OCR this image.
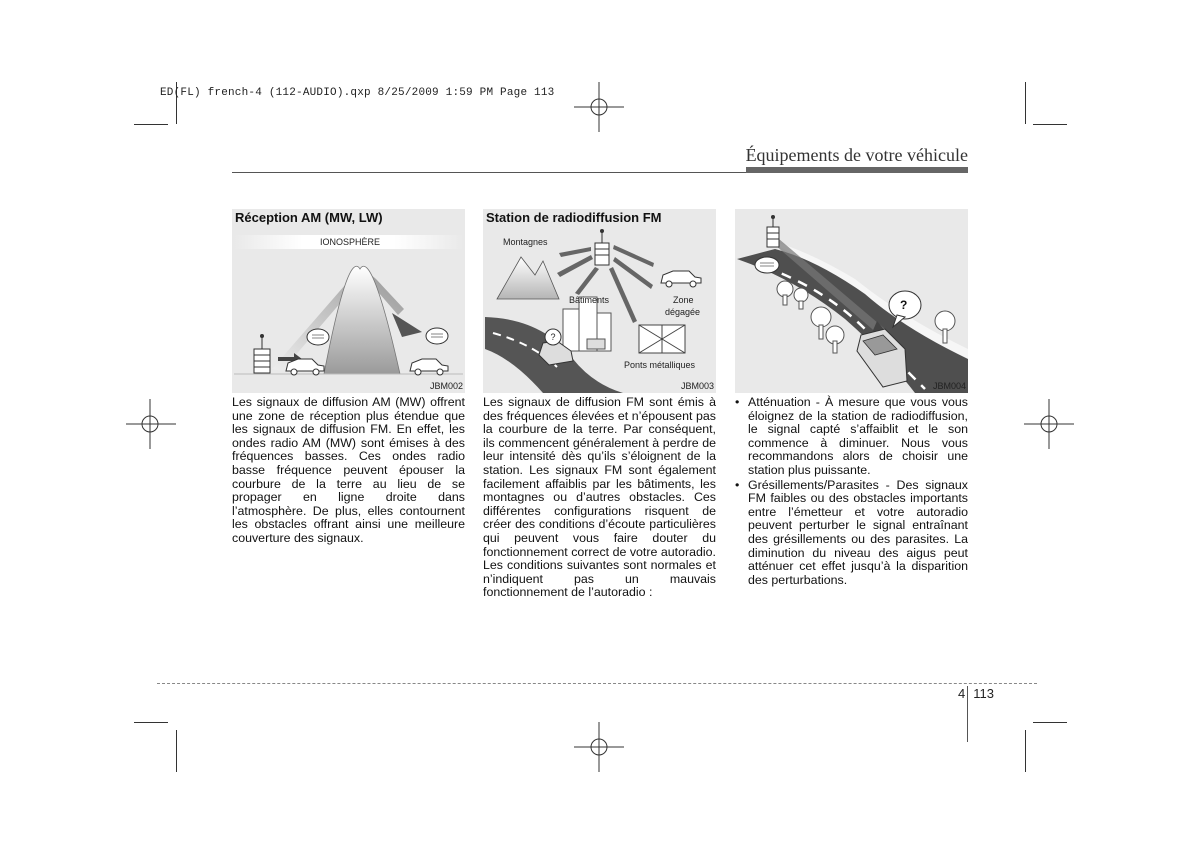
ED(FL) french-4 (112-AUDIO).qxp 8/25/2009 1:59 PM Page 113
Équipements de votre véhicule
Réception AM (MW, LW)
IONOSPHÈRE
JBM002
?
Station de radiodiffusion FM
Montagnes
Bâtiments	Zone
dégagée
Ponts métalliques
JBM003
?
JBM004
Les signaux de diffusion AM (MW) offrent une zone de réception plus étendue que les signaux de diffusion FM. En effet, les ondes radio AM (MW) sont émises à des fréquences basses. Ces ondes radio basse fréquence peuvent épouser la courbure de la terre au lieu de se propager en ligne droite dans l’atmosphère. De plus, elles contournent les obstacles offrant ainsi une meilleure couverture des signaux.
Les signaux de diffusion FM sont émis à des fréquences élevées et n’épousent pas la courbure de la terre. Par conséquent, ils commencent généralement à perdre de leur intensité dès qu’ils s’éloignent de la station. Les signaux FM sont également facilement affaiblis par les bâtiments, les montagnes ou d’autres obstacles. Ces différentes configurations risquent de créer des conditions d’écoute particulières qui peuvent vous faire douter du fonctionnement correct de votre autoradio. Les conditions suivantes sont normales et n’indiquent pas un mauvais fonctionnement de l’autoradio :
• Atténuation - À mesure que vous vous éloignez de la station de radiodiffusion, le signal capté s’affaiblit et le son commence à diminuer. Nous vous recommandons alors de choisir une station plus puissante.
• Grésillements/Parasites - Des signaux FM faibles ou des obstacles importants entre l’émetteur et votre autoradio peuvent perturber le signal entraînant des grésillements ou des parasites. La diminution du niveau des aigus peut atténuer cet effet jusqu’à la disparition des perturbations.
4 113
